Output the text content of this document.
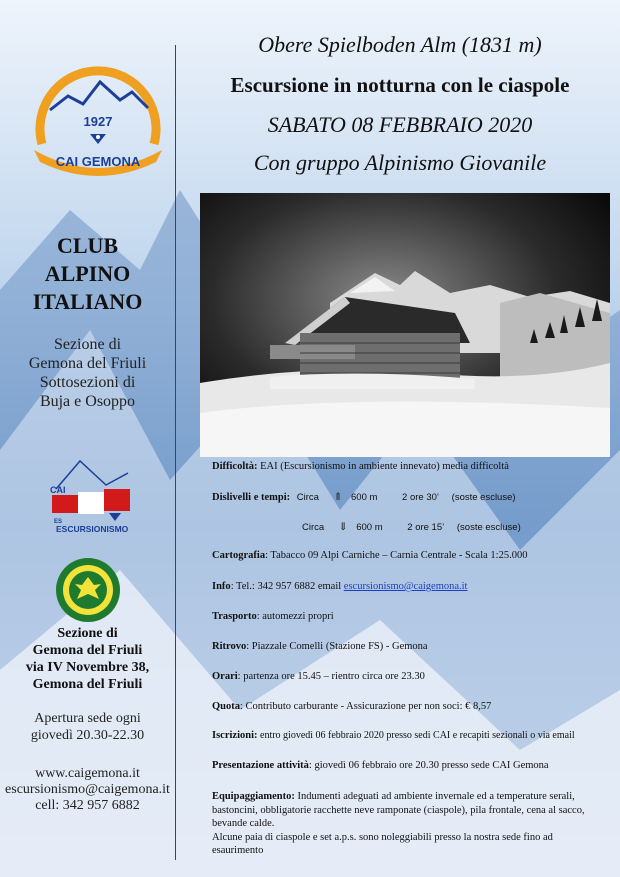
1927
CAI GEMONA
Obere Spielboden Alm (1831 m)
Escursione in notturna con le ciaspole
SABATO 08 FEBBRAIO 2020
Con gruppo Alpinismo Giovanile
CLUB
ALPINO
ITALIANO
Sezione di
Gemona del Friuli
Sottosezioni di
Buja e Osoppo
CAI
ES
ESCURSIONISMO
Sezione di
Gemona del Friuli
via IV Novembre 38,
Gemona del Friuli
Apertura sede ogni
giovedì 20.30-22.30
www.caigemona.it
escursionismo@caigemona.it
cell: 342 957 6882
Difficoltà: EAI (Escursionismo in ambiente innevato) media difficoltà
Dislivelli e tempi: Circa ⇑ 600 m	2 ore 30’ (soste escluse)
Circa ⇓ 600 m	2 ore 15’ (soste escluse)
Cartografia: Tabacco 09 Alpi Carniche – Carnia Centrale - Scala 1:25.000
Info: Tel.: 342 957 6882 email escursionismo@caigemona.it
Trasporto: automezzi propri
Ritrovo: Piazzale Comelli (Stazione FS) - Gemona
Orari: partenza ore 15.45 – rientro circa ore 23.30
Quota: Contributo carburante - Assicurazione per non soci: € 8,57
Iscrizioni: entro giovedì 06 febbraio 2020 presso sedi CAI e recapiti sezionali o via email
Presentazione attività: giovedì 06 febbraio ore 20.30 presso sede CAI Gemona
Equipaggiamento: Indumenti adeguati ad ambiente invernale ed a temperature serali, bastoncini, obbligatorie racchette neve ramponate (ciaspole), pila frontale, cena al sacco, bevande calde.
Alcune paia di ciaspole e set a.p.s. sono noleggiabili presso la nostra sede fino ad esaurimento
